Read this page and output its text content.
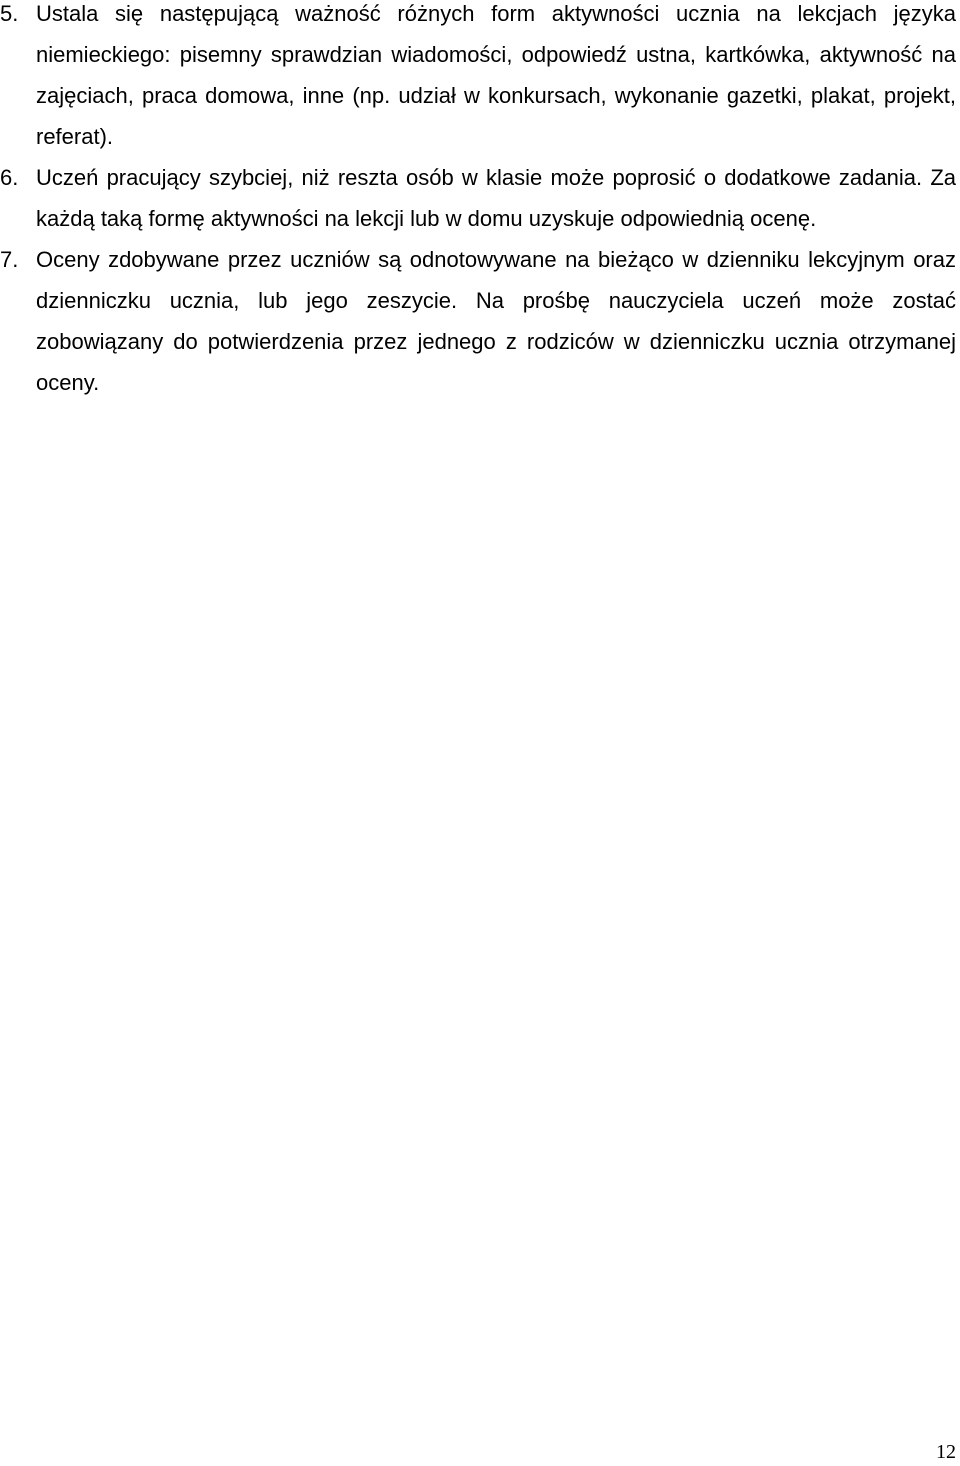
5. Ustala się następującą ważność różnych form aktywności ucznia na lekcjach języka niemieckiego: pisemny sprawdzian wiadomości, odpowiedź ustna, kartkówka, aktywność na zajęciach, praca domowa, inne (np. udział w konkursach, wykonanie gazetki, plakat, projekt, referat).
6. Uczeń pracujący szybciej, niż reszta osób w klasie może poprosić o dodatkowe zadania. Za każdą taką formę aktywności na lekcji lub w domu uzyskuje odpowiednią ocenę.
7. Oceny zdobywane przez uczniów są odnotowywane na bieżąco w dzienniku lekcyjnym oraz dzienniczku ucznia, lub jego zeszycie. Na prośbę nauczyciela uczeń może zostać zobowiązany do potwierdzenia przez jednego z rodziców w dzienniczku ucznia otrzymanej oceny.
12
